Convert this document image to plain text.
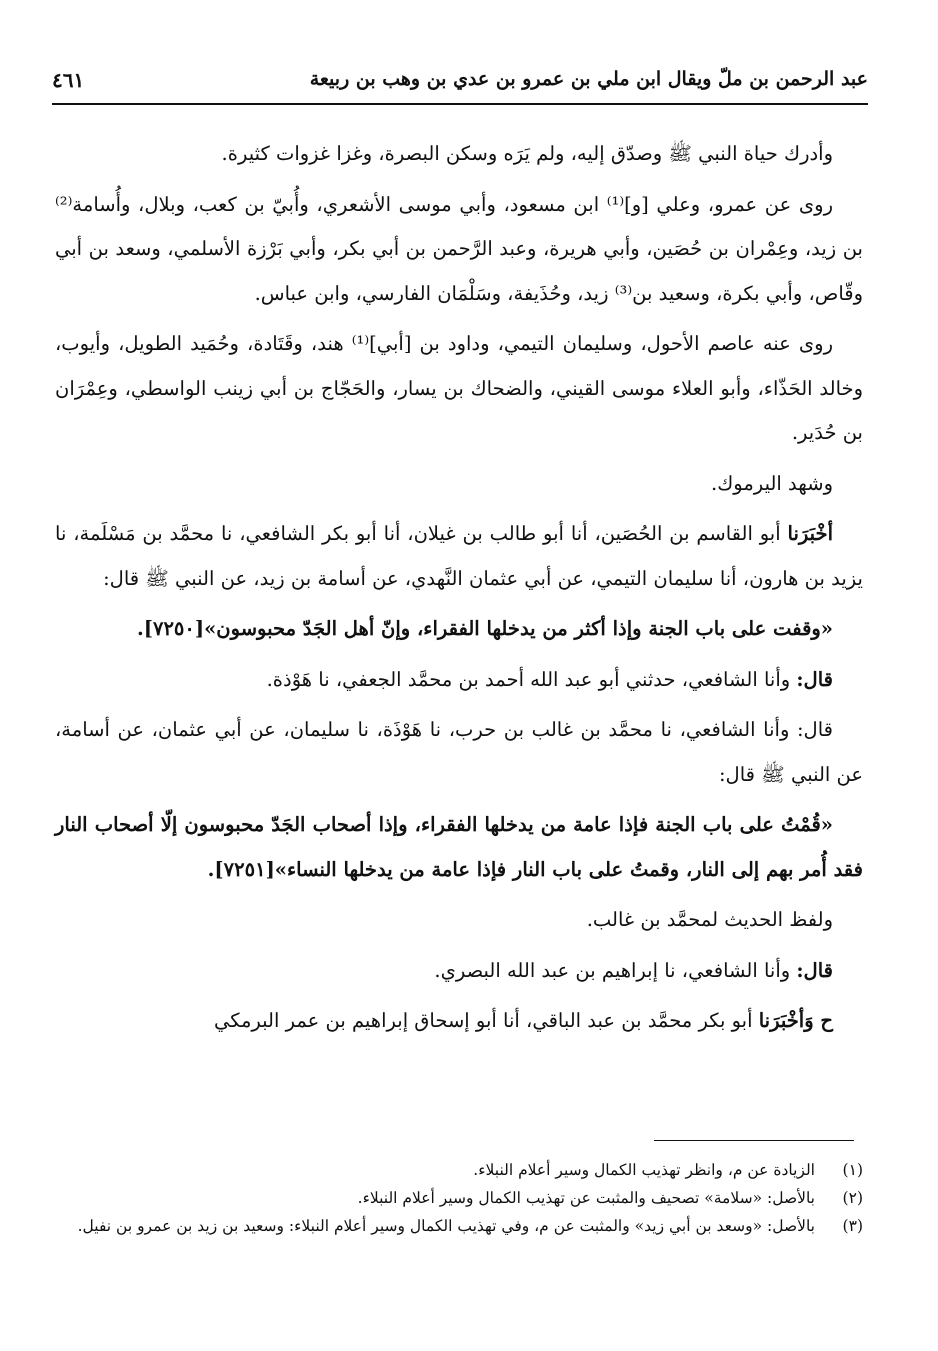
عبد الرحمن بن ملّ ويقال ابن ملي بن عمرو بن عدي بن وهب بن ربيعة
٤٦١

وأدرك حياة النبي ﷺ وصدّق إليه، ولم يَرَه وسكن البصرة، وغزا غزوات كثيرة.

روى عن عمرو، وعلي [و]⁽¹⁾ ابن مسعود، وأبي موسى الأشعري، وأُبيّ بن كعب، وبلال، وأُسامة⁽²⁾ بن زيد، وعِمْران بن حُصَين، وأبي هريرة، وعبد الرَّحمن بن أبي بكر، وأبي بَرْزة الأسلمي، وسعد بن أبي وقّاص، وأبي بكرة، وسعيد بن⁽³⁾ زيد، وحُذَيفة، وسَلْمَان الفارسي، وابن عباس.

روى عنه عاصم الأحول، وسليمان التيمي، وداود بن [أبي]⁽¹⁾ هند، وقَتَادة، وحُمَيد الطويل، وأيوب، وخالد الحَذّاء، وأبو العلاء موسى القيني، والضحاك بن يسار، والحَجّاج بن أبي زينب الواسطي، وعِمْرَان بن حُدَير.

وشهد اليرموك.

أخْبَرَنا أبو القاسم بن الحُصَين، أنا أبو طالب بن غيلان، أنا أبو بكر الشافعي، نا محمَّد بن مَسْلَمة، نا يزيد بن هارون، أنا سليمان التيمي، عن أبي عثمان النَّهدي، عن أسامة بن زيد، عن النبي ﷺ قال:

«وقفت على باب الجنة وإذا أكثر من يدخلها الفقراء، وإنّ أهل الجَدّ محبوسون»[٧٢٥٠].

قال: وأنا الشافعي، حدثني أبو عبد الله أحمد بن محمَّد الجعفي، نا هَوْذة.

قال: وأنا الشافعي، نا محمَّد بن غالب بن حرب، نا هَوْذَة، نا سليمان، عن أبي عثمان، عن أسامة، عن النبي ﷺ قال:

«قُمْتُ على باب الجنة فإذا عامة من يدخلها الفقراء، وإذا أصحاب الجَدّ محبوسون إلّا أصحاب النار فقد أُمر بهم إلى النار، وقمتُ على باب النار فإذا عامة من يدخلها النساء»[٧٢٥١].

ولفظ الحديث لمحمَّد بن غالب.

قال: وأنا الشافعي، نا إبراهيم بن عبد الله البصري.

ح وَأخْبَرَنا أبو بكر محمَّد بن عبد الباقي، أنا أبو إسحاق إبراهيم بن عمر البرمكي

(١)
الزيادة عن م، وانظر تهذيب الكمال وسير أعلام النبلاء.
(٢)
بالأصل: «سلامة» تصحيف والمثبت عن تهذيب الكمال وسير أعلام النبلاء.
(٣)
بالأصل: «وسعد بن أبي زيد» والمثبت عن م، وفي تهذيب الكمال وسير أعلام النبلاء: وسعيد بن زيد بن عمرو بن نفيل.
